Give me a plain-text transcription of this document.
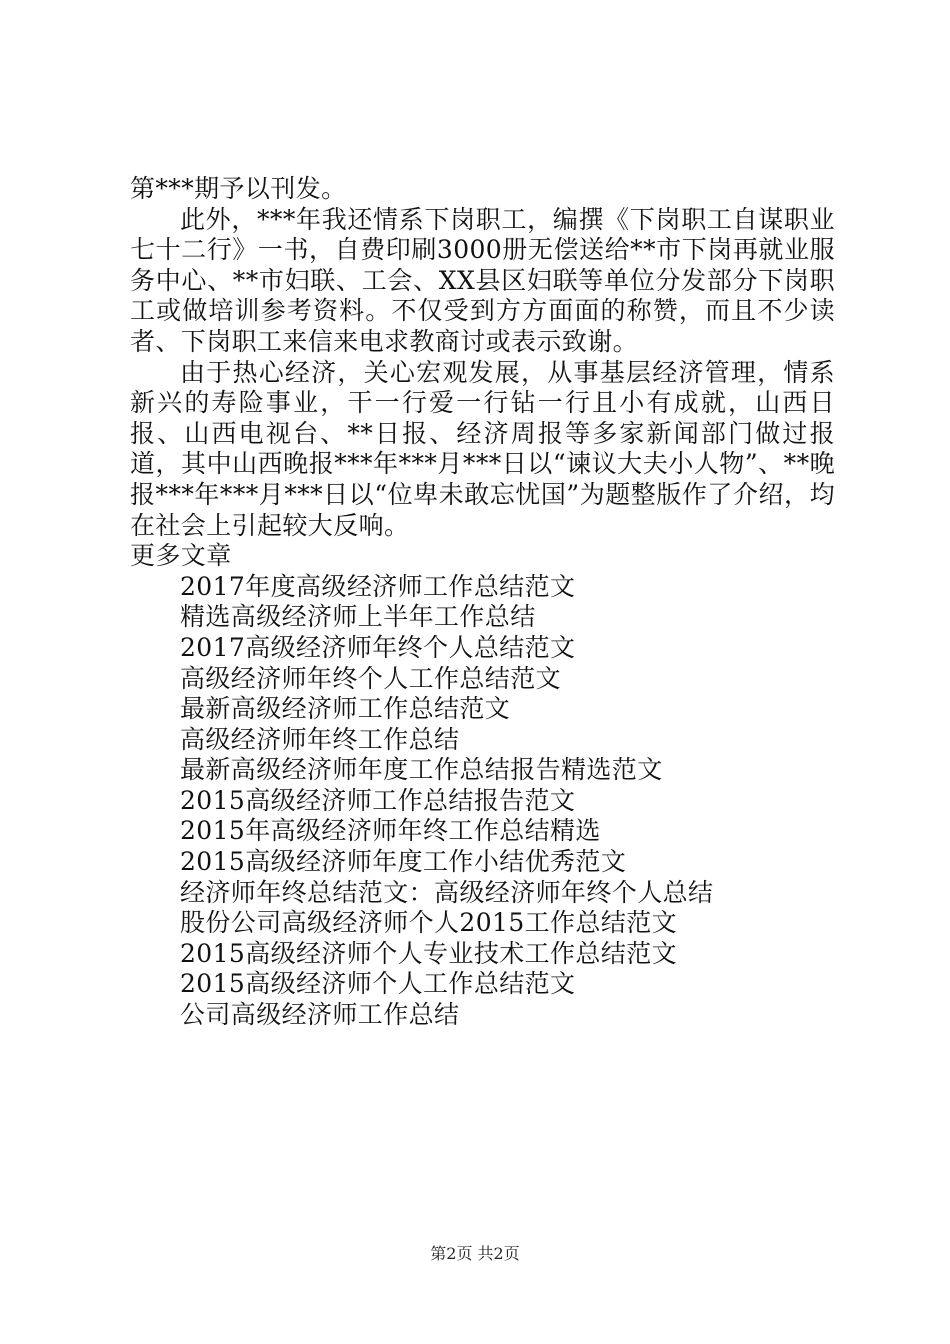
第***期予以刊发。

此外，***年我还情系下岗职工，编撰《下岗职工自谋职业七十二行》一书，自费印刷3000册无偿送给**市下岗再就业服务中心、**市妇联、工会、XX县区妇联等单位分发部分下岗职工或做培训参考资料。不仅受到方方面面的称赞，而且不少读者、下岗职工来信来电求教商讨或表示致谢。

由于热心经济，关心宏观发展，从事基层经济管理，情系新兴的寿险事业，干一行爱一行钻一行且小有成就，山西日报、山西电视台、**日报、经济周报等多家新闻部门做过报道，其中山西晚报***年***月***日以“谏议大夫小人物”、**晚报***年***月***日以“位卑未敢忘忧国”为题整版作了介绍，均在社会上引起较大反响。

更多文章

2017年度高级经济师工作总结范文
精选高级经济师上半年工作总结
2017高级经济师年终个人总结范文
高级经济师年终个人工作总结范文
最新高级经济师工作总结范文
高级经济师年终工作总结
最新高级经济师年度工作总结报告精选范文
2015高级经济师工作总结报告范文
2015年高级经济师年终工作总结精选
2015高级经济师年度工作小结优秀范文
经济师年终总结范文：高级经济师年终个人总结
股份公司高级经济师个人2015工作总结范文
2015高级经济师个人专业技术工作总结范文
2015高级经济师个人工作总结范文
公司高级经济师工作总结
第2页 共2页
